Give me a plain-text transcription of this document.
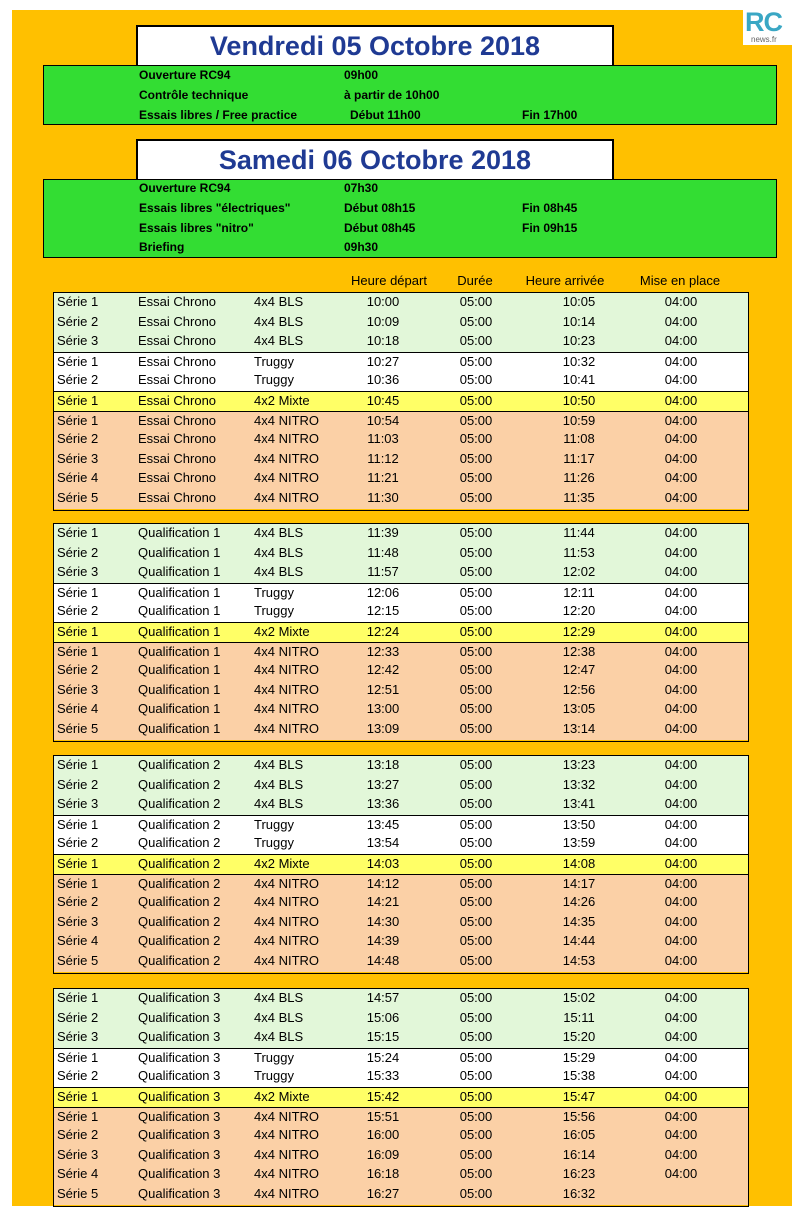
RC
news.fr
Vendredi 05 Octobre 2018
Ouverture RC94	09h00
Contrôle technique	à partir de 10h00
Essais libres / Free practice	Début 11h00	Fin 17h00
Samedi 06 Octobre 2018
Ouverture RC94	07h30
Essais libres "électriques"	Début 08h15	Fin 08h45
Essais libres "nitro"	Début 08h45	Fin 09h15
Briefing	09h30
Heure départ	Durée	Heure arrivée	Mise en place
Série 1	Essai Chrono	4x4 BLS	10:00	05:00	10:05	04:00
Série 2	Essai Chrono	4x4 BLS	10:09	05:00	10:14	04:00
Série 3	Essai Chrono	4x4 BLS	10:18	05:00	10:23	04:00
Série 1	Essai Chrono	Truggy	10:27	05:00	10:32	04:00
Série 2	Essai Chrono	Truggy	10:36	05:00	10:41	04:00
Série 1	Essai Chrono	4x2 Mixte	10:45	05:00	10:50	04:00
Série 1	Essai Chrono	4x4 NITRO	10:54	05:00	10:59	04:00
Série 2	Essai Chrono	4x4 NITRO	11:03	05:00	11:08	04:00
Série 3	Essai Chrono	4x4 NITRO	11:12	05:00	11:17	04:00
Série 4	Essai Chrono	4x4 NITRO	11:21	05:00	11:26	04:00
Série 5	Essai Chrono	4x4 NITRO	11:30	05:00	11:35	04:00
Série 1	Qualification 1	4x4 BLS	11:39	05:00	11:44	04:00
Série 2	Qualification 1	4x4 BLS	11:48	05:00	11:53	04:00
Série 3	Qualification 1	4x4 BLS	11:57	05:00	12:02	04:00
Série 1	Qualification 1	Truggy	12:06	05:00	12:11	04:00
Série 2	Qualification 1	Truggy	12:15	05:00	12:20	04:00
Série 1	Qualification 1	4x2 Mixte	12:24	05:00	12:29	04:00
Série 1	Qualification 1	4x4 NITRO	12:33	05:00	12:38	04:00
Série 2	Qualification 1	4x4 NITRO	12:42	05:00	12:47	04:00
Série 3	Qualification 1	4x4 NITRO	12:51	05:00	12:56	04:00
Série 4	Qualification 1	4x4 NITRO	13:00	05:00	13:05	04:00
Série 5	Qualification 1	4x4 NITRO	13:09	05:00	13:14	04:00
Série 1	Qualification 2	4x4 BLS	13:18	05:00	13:23	04:00
Série 2	Qualification 2	4x4 BLS	13:27	05:00	13:32	04:00
Série 3	Qualification 2	4x4 BLS	13:36	05:00	13:41	04:00
Série 1	Qualification 2	Truggy	13:45	05:00	13:50	04:00
Série 2	Qualification 2	Truggy	13:54	05:00	13:59	04:00
Série 1	Qualification 2	4x2 Mixte	14:03	05:00	14:08	04:00
Série 1	Qualification 2	4x4 NITRO	14:12	05:00	14:17	04:00
Série 2	Qualification 2	4x4 NITRO	14:21	05:00	14:26	04:00
Série 3	Qualification 2	4x4 NITRO	14:30	05:00	14:35	04:00
Série 4	Qualification 2	4x4 NITRO	14:39	05:00	14:44	04:00
Série 5	Qualification 2	4x4 NITRO	14:48	05:00	14:53	04:00
Série 1	Qualification 3	4x4 BLS	14:57	05:00	15:02	04:00
Série 2	Qualification 3	4x4 BLS	15:06	05:00	15:11	04:00
Série 3	Qualification 3	4x4 BLS	15:15	05:00	15:20	04:00
Série 1	Qualification 3	Truggy	15:24	05:00	15:29	04:00
Série 2	Qualification 3	Truggy	15:33	05:00	15:38	04:00
Série 1	Qualification 3	4x2 Mixte	15:42	05:00	15:47	04:00
Série 1	Qualification 3	4x4 NITRO	15:51	05:00	15:56	04:00
Série 2	Qualification 3	4x4 NITRO	16:00	05:00	16:05	04:00
Série 3	Qualification 3	4x4 NITRO	16:09	05:00	16:14	04:00
Série 4	Qualification 3	4x4 NITRO	16:18	05:00	16:23	04:00
Série 5	Qualification 3	4x4 NITRO	16:27	05:00	16:32
